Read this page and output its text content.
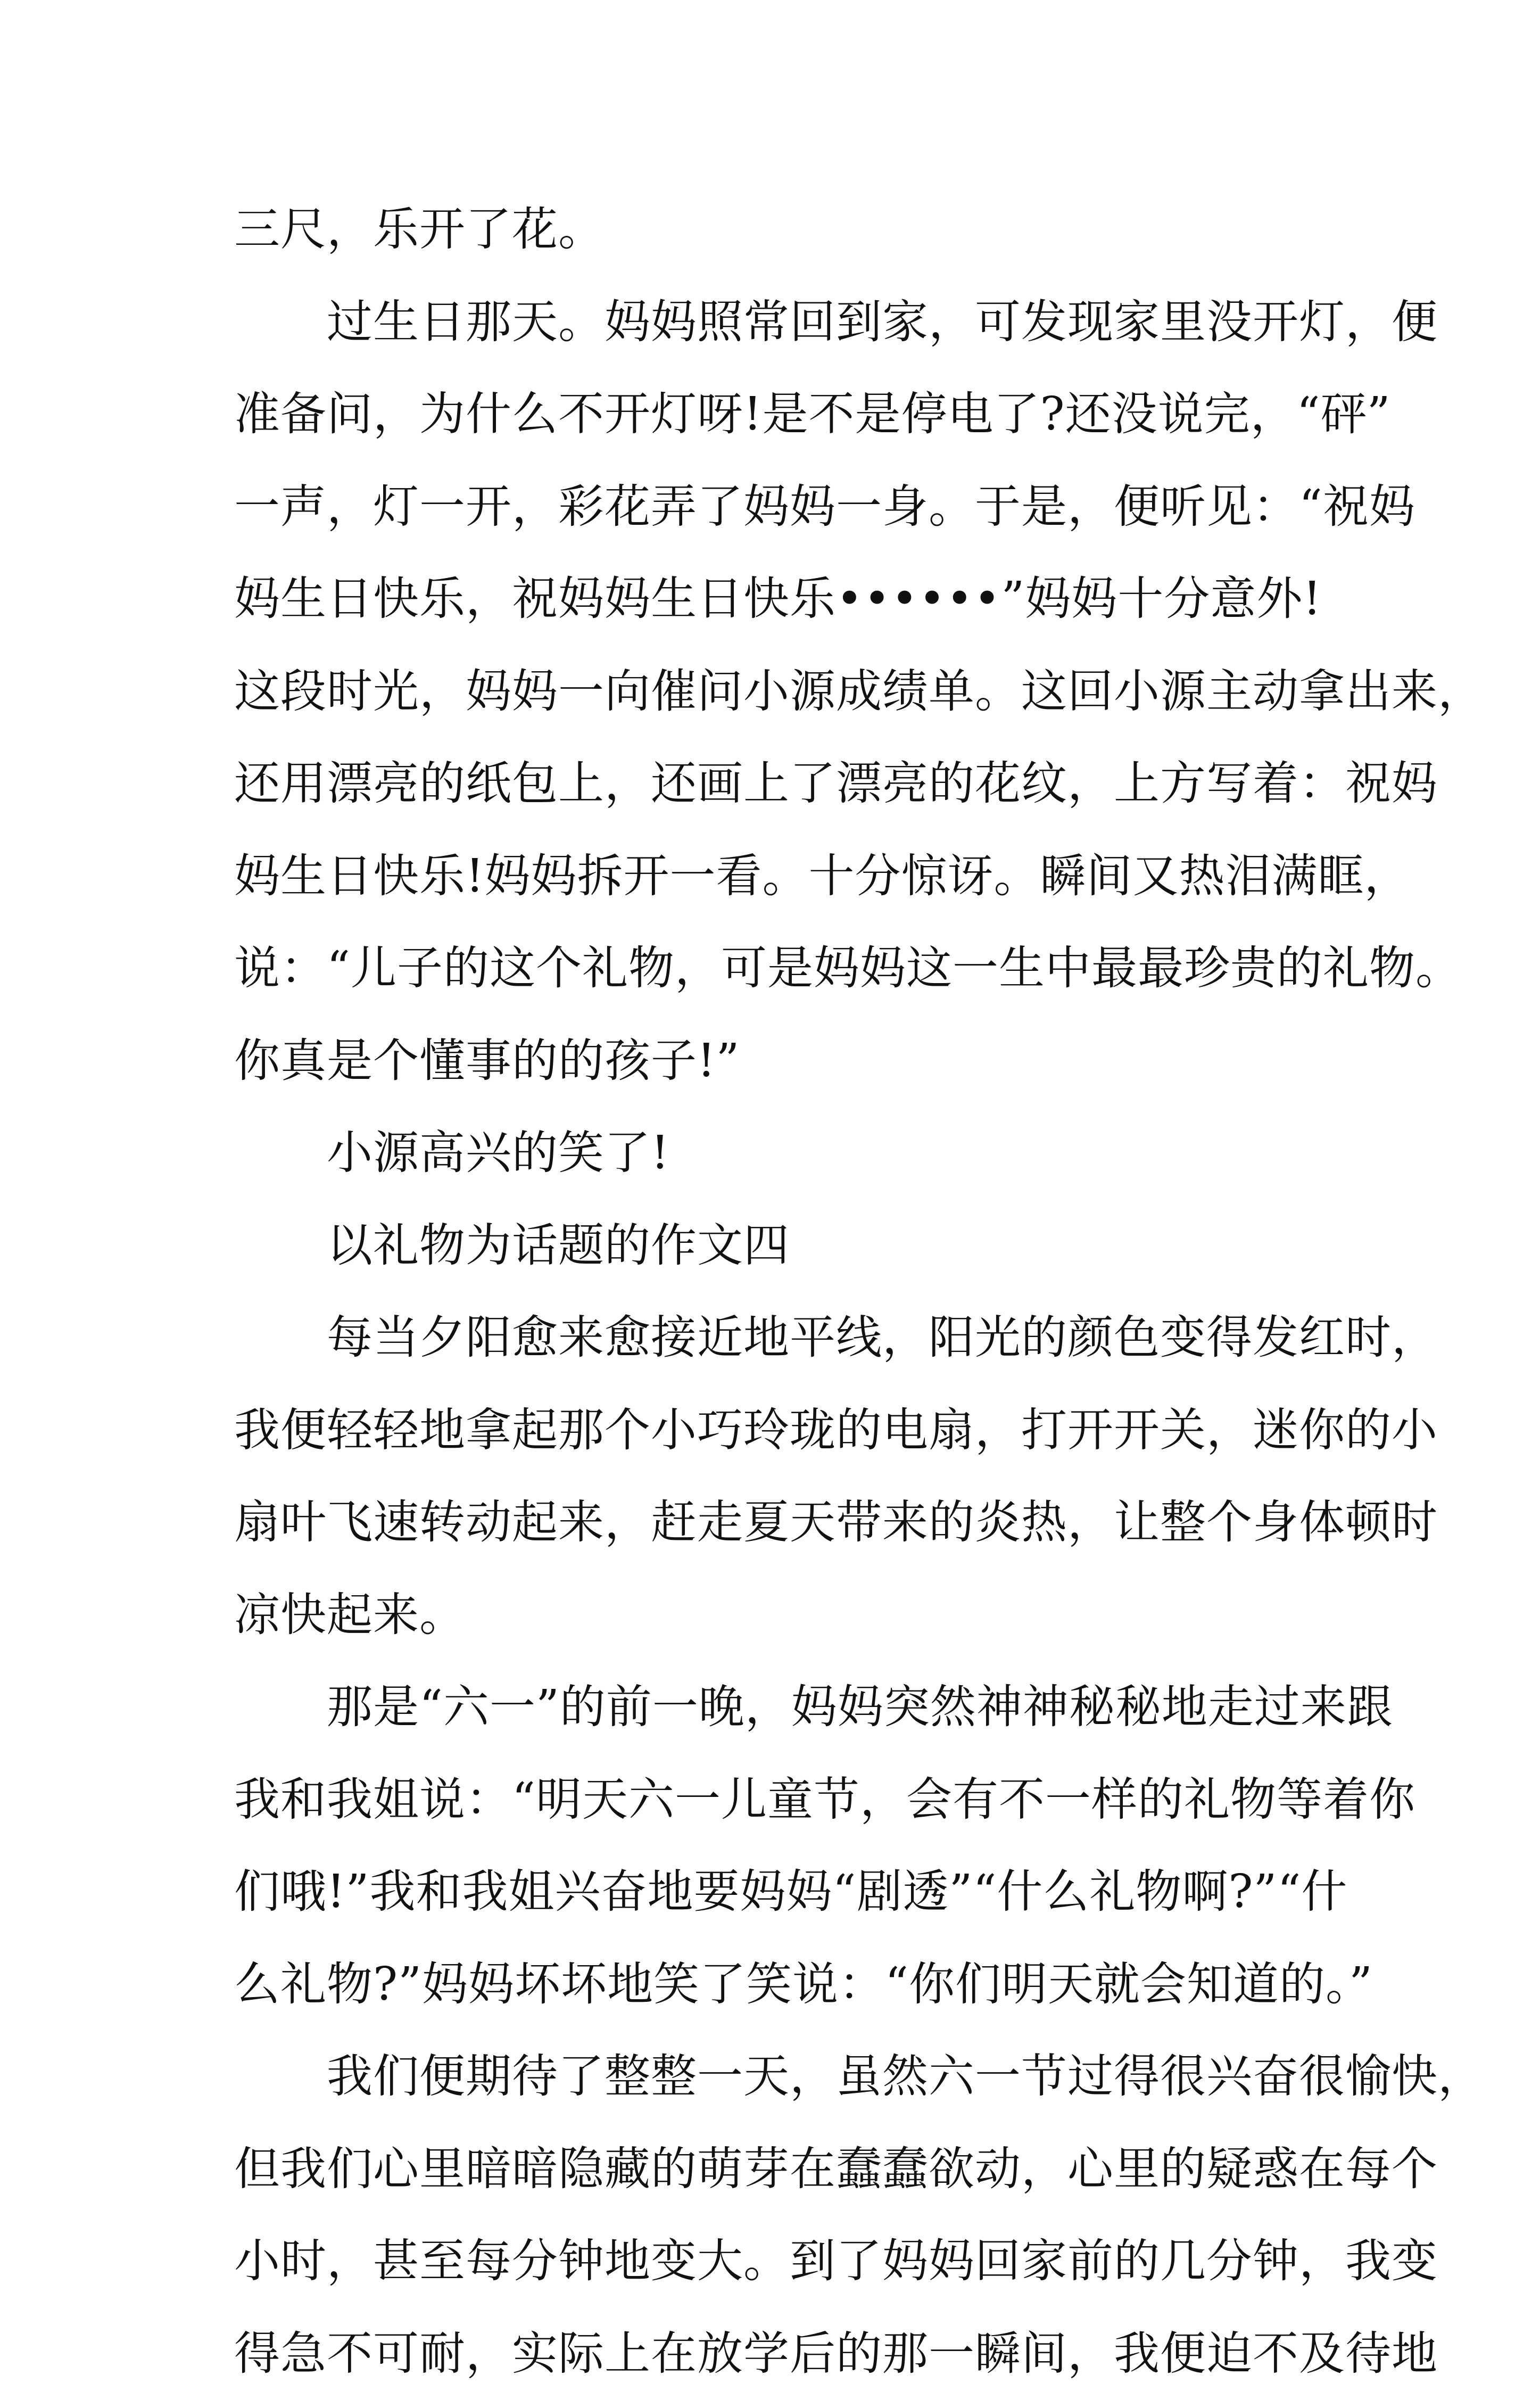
三尺，乐开了花。
　　过生日那天。妈妈照常回到家，可发现家里没开灯，便
准备问，为什么不开灯呀!是不是停电了?还没说完，“砰”
一声，灯一开，彩花弄了妈妈一身。于是，便听见：“祝妈
妈生日快乐，祝妈妈生日快乐••••••”妈妈十分意外!
这段时光，妈妈一向催问小源成绩单。这回小源主动拿出来，
还用漂亮的纸包上，还画上了漂亮的花纹，上方写着：祝妈
妈生日快乐!妈妈拆开一看。十分惊讶。瞬间又热泪满眶，
说：“儿子的这个礼物，可是妈妈这一生中最最珍贵的礼物。
你真是个懂事的的孩子!”
　　小源高兴的笑了!
　　以礼物为话题的作文四
　　每当夕阳愈来愈接近地平线，阳光的颜色变得发红时，
我便轻轻地拿起那个小巧玲珑的电扇，打开开关，迷你的小
扇叶飞速转动起来，赶走夏天带来的炎热，让整个身体顿时
凉快起来。
　　那是“六一”的前一晚，妈妈突然神神秘秘地走过来跟
我和我姐说：“明天六一儿童节，会有不一样的礼物等着你
们哦!”我和我姐兴奋地要妈妈“剧透”“什么礼物啊?”“什
么礼物?”妈妈坏坏地笑了笑说：“你们明天就会知道的。”
　　我们便期待了整整一天，虽然六一节过得很兴奋很愉快，
但我们心里暗暗隐藏的萌芽在蠢蠢欲动，心里的疑惑在每个
小时，甚至每分钟地变大。到了妈妈回家前的几分钟，我变
得急不可耐，实际上在放学后的那一瞬间，我便迫不及待地
